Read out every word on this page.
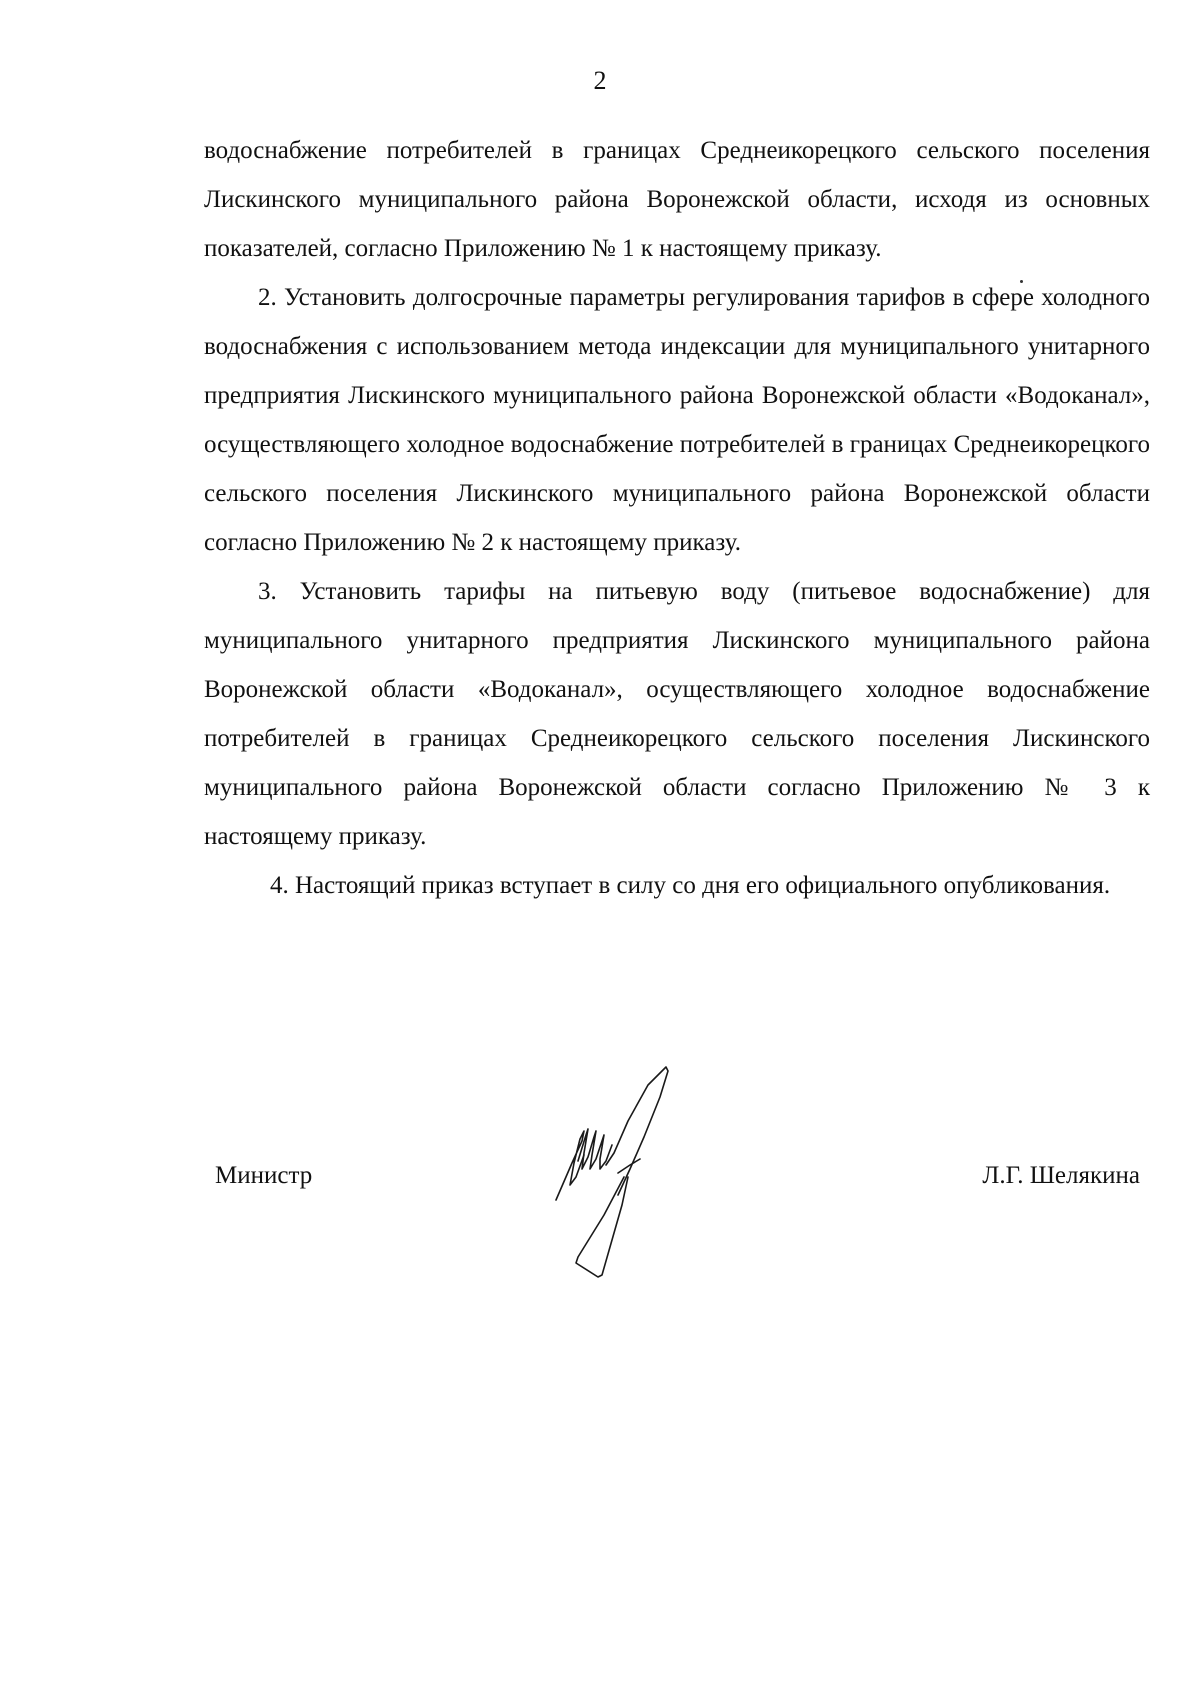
2

водоснабжение потребителей в границах Среднеикорецкого сельского поселения Лискинского муниципального района Воронежской области, исходя из основных показателей, согласно Приложению № 1 к настоящему приказу.

2. Установить долгосрочные параметры регулирования тарифов в сфере холодного водоснабжения с использованием метода индексации для муниципального унитарного предприятия Лискинского муниципального района Воронежской области «Водоканал», осуществляющего холодное водоснабжение потребителей в границах Среднеикорецкого сельского поселения Лискинского муниципального района Воронежской области согласно Приложению № 2 к настоящему приказу.

3. Установить тарифы на питьевую воду (питьевое водоснабжение) для муниципального унитарного предприятия Лискинского муниципального района Воронежской области «Водоканал», осуществляющего холодное водоснабжение потребителей в границах Среднеикорецкого сельского поселения Лискинского муниципального района Воронежской области согласно Приложению № 3 к настоящему приказу.

4. Настоящий приказ вступает в силу со дня его официального опубликования.

Министр	Л.Г. Шелякина
